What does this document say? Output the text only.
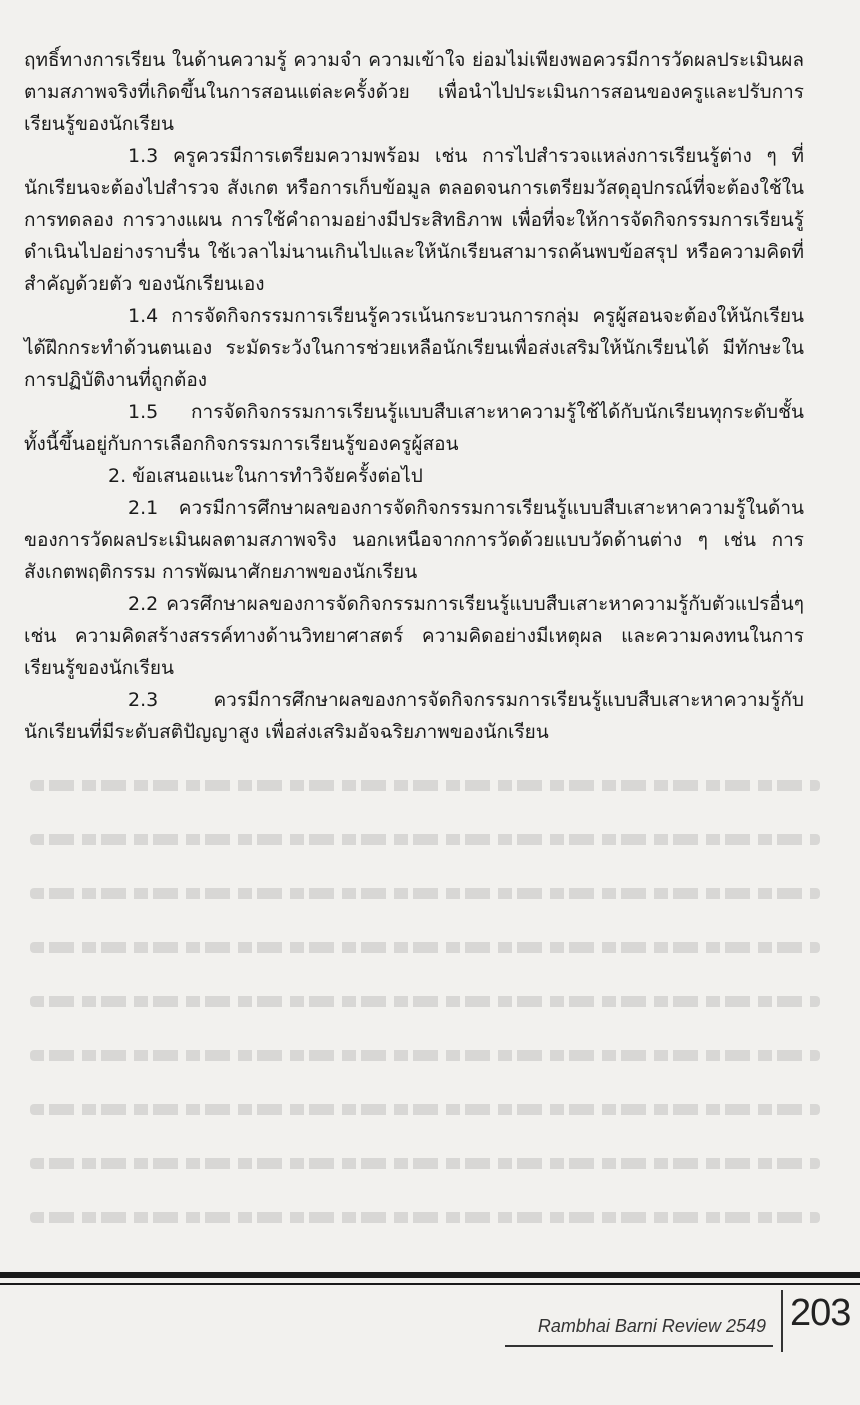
ฤทธิ์ทางการเรียน ในด้านความรู้ ความจำ ความเข้าใจ ย่อมไม่เพียงพอควรมีการวัดผลประเมินผลตามสภาพจริงที่เกิดขึ้นในการสอนแต่ละครั้งด้วย เพื่อนำไปประเมินการสอนของครูและปรับการเรียนรู้ของนักเรียน

1.3 ครูควรมีการเตรียมความพร้อม เช่น การไปสำรวจแหล่งการเรียนรู้ต่าง ๆ ที่นักเรียนจะต้องไปสำรวจ สังเกต หรือการเก็บข้อมูล ตลอดจนการเตรียมวัสดุอุปกรณ์ที่จะต้องใช้ในการทดลอง การวางแผน การใช้คำถามอย่างมีประสิทธิภาพ เพื่อที่จะให้การจัดกิจกรรมการเรียนรู้ดำเนินไปอย่างราบรื่น ใช้เวลาไม่นานเกินไปและให้นักเรียนสามารถค้นพบข้อสรุป หรือความคิดที่สำคัญด้วยตัว ของนักเรียนเอง

1.4 การจัดกิจกรรมการเรียนรู้ควรเน้นกระบวนการกลุ่ม ครูผู้สอนจะต้องให้นักเรียนได้ฝึกกระทำด้วนตนเอง ระมัดระวังในการช่วยเหลือนักเรียนเพื่อส่งเสริมให้นักเรียนได้ มีทักษะในการปฏิบัติงานที่ถูกต้อง

1.5 การจัดกิจกรรมการเรียนรู้แบบสืบเสาะหาความรู้ใช้ได้กับนักเรียนทุกระดับชั้น ทั้งนี้ขึ้นอยู่กับการเลือกกิจกรรมการเรียนรู้ของครูผู้สอน

2. ข้อเสนอแนะในการทำวิจัยครั้งต่อไป

2.1 ควรมีการศึกษาผลของการจัดกิจกรรมการเรียนรู้แบบสืบเสาะหาความรู้ในด้านของการวัดผลประเมินผลตามสภาพจริง นอกเหนือจากการวัดด้วยแบบวัดด้านต่าง ๆ เช่น การสังเกตพฤติกรรม การพัฒนาศักยภาพของนักเรียน

2.2 ควรศึกษาผลของการจัดกิจกรรมการเรียนรู้แบบสืบเสาะหาความรู้กับตัวแปรอื่นๆ เช่น ความคิดสร้างสรรค์ทางด้านวิทยาศาสตร์ ความคิดอย่างมีเหตุผล และความคงทนในการเรียนรู้ของนักเรียน

2.3 ควรมีการศึกษาผลของการจัดกิจกรรมการเรียนรู้แบบสืบเสาะหาความรู้กับนักเรียนที่มีระดับสติปัญญาสูง เพื่อส่งเสริมอัจฉริยภาพของนักเรียน

Rambhai Barni Review 2549 203
